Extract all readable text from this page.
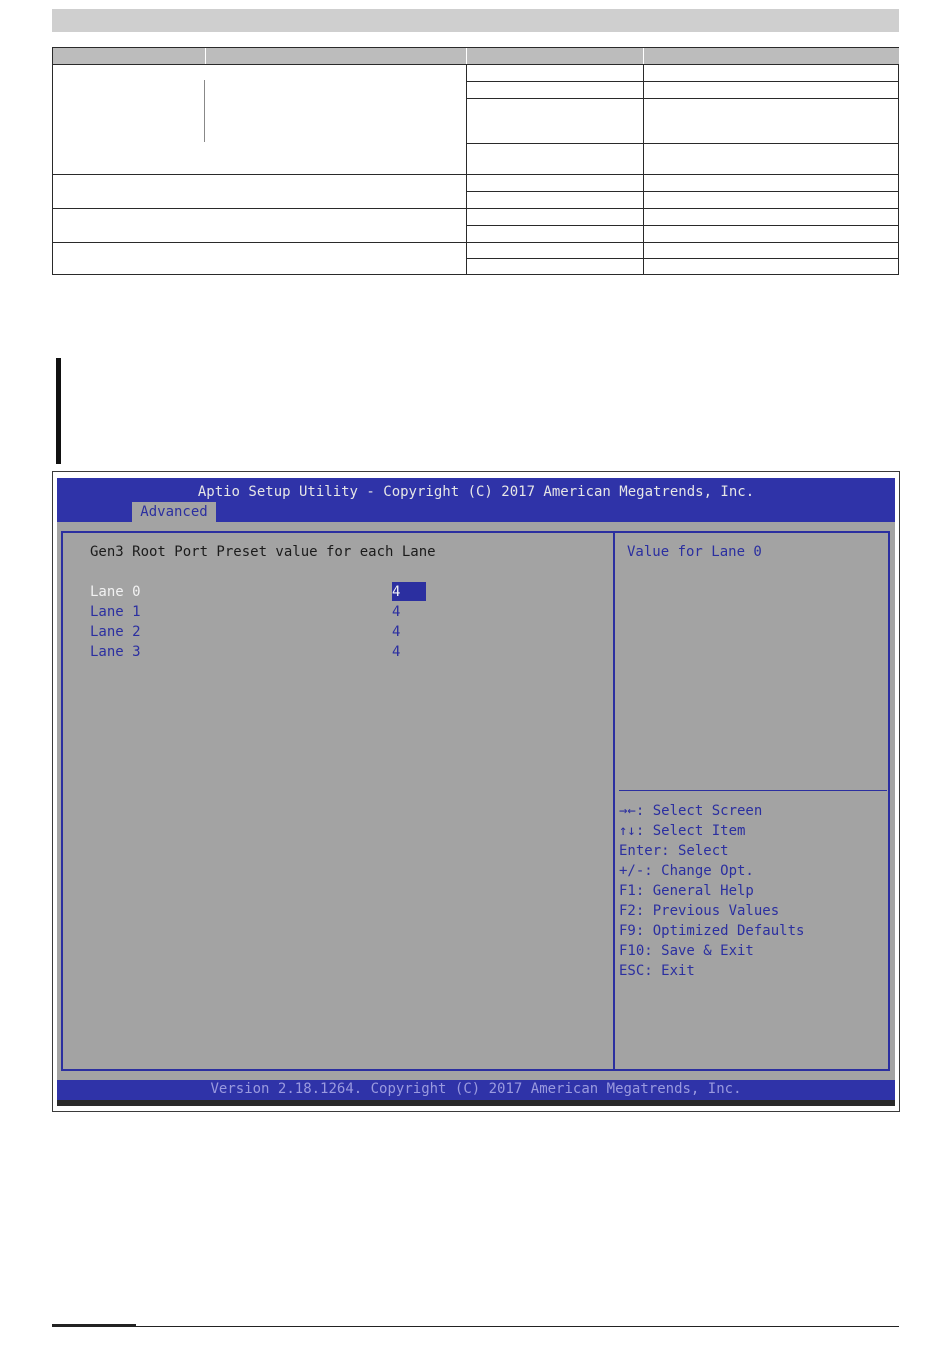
Aptio Setup Utility - Copyright (C) 2017 American Megatrends, Inc.
Advanced
Gen3 Root Port Preset value for each Lane
Lane 0	4
Lane 1	4
Lane 2	4
Lane 3	4
Value for Lane 0
→←: Select Screen
↑↓: Select Item
Enter: Select
+/-: Change Opt.
F1: General Help
F2: Previous Values
F9: Optimized Defaults
F10: Save & Exit
ESC: Exit
Version 2.18.1264. Copyright (C) 2017 American Megatrends, Inc.
